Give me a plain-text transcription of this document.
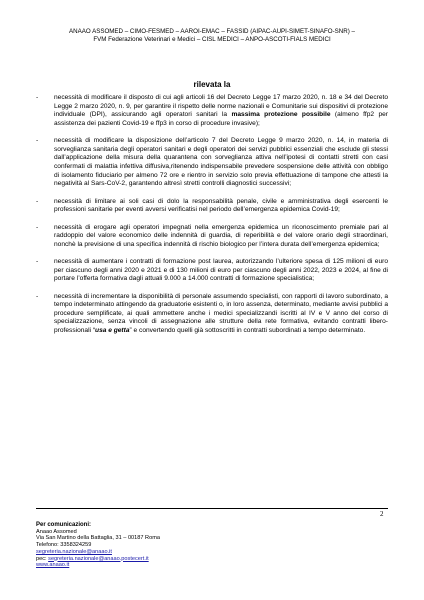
ANAAO ASSOMED – CIMO-FESMED – AAROI-EMAC – FASSID (AIPAC-AUPI-SIMET-SINAFO-SNR) –
FVM Federazione Veterinari e Medici – CISL MEDICI – ANPO-ASCOTI-FIALS MEDICI
rilevata la
- necessità di modificare il disposto di cui agli articoli 16 del Decreto Legge 17 marzo 2020, n. 18 e 34 del Decreto Legge 2 marzo 2020, n. 9, per garantire il rispetto delle norme nazionali e Comunitarie sui dispositivi di protezione individuale (DPI), assicurando agli operatori sanitari la massima protezione possibile (almeno ffp2 per assistenza dei pazienti Covid-19 e ffp3 in corso di procedure invasive);
- necessità di modificare la disposizione dell’articolo 7 del Decreto Legge 9 marzo 2020, n. 14, in materia di sorveglianza sanitaria degli operatori sanitari e degli operatori dei servizi pubblici essenziali che esclude gli stessi dall’applicazione della misura della quarantena con sorveglianza attiva nell’ipotesi di contatti stretti con casi confermati di malattia infettiva diffusiva,ritenendo indispensabile prevedere sospensione delle attività con obbligo di isolamento fiduciario per almeno 72 ore e rientro in servizio solo previa effettuazione di tampone che attesti la negatività al Sars-CoV-2, garantendo altresì stretti controlli diagnostici successivi;
- necessità di limitare ai soli casi di dolo la responsabilità penale, civile e amministrativa degli esercenti le professioni sanitarie per eventi avversi verificatisi nel periodo dell’emergenza epidemica Covid-19;
- necessità di erogare agli operatori impegnati nella emergenza epidemica un riconoscimento premiale pari al raddoppio del valore economico delle indennità di guardia, di reperibilità e del valore orario degli straordinari, nonchè la previsione di una specifica indennità di rischio biologico per l’intera durata dell’emergenza epidemica;
- necessità di aumentare i contratti di formazione post laurea, autorizzando l’ulteriore spesa di 125 milioni di euro per ciascuno degli anni 2020 e 2021 e di 130 milioni di euro per ciascuno degli anni 2022, 2023 e 2024, al fine di portare l’offerta formativa dagli attuali 9.000 a 14.000 contratti di formazione specialistica;
- necessità di incrementare la disponibilità di personale assumendo specialisti, con rapporti di lavoro subordinato, a tempo indeterminato attingendo da graduatorie esistenti o, in loro assenza, determinato, mediante avvisi pubblici a procedure semplificate, ai quali ammettere anche i medici specializzandi iscritti al IV e V anno del corso di specializzazione, senza vincoli di assegnazione alle strutture della rete formativa, evitando contratti libero- professionali “usa e getta” e convertendo quelli già sottoscritti in contratti subordinati a tempo determinato.
2
Per comunicazioni:
Anaao Assomed
Via San Martino della Battaglia, 31 – 00187 Roma
Telefono: 3358324259
segreteria.nazionale@anaao.it
pec: segreteria.nazionale@anaao.postecert.it
www.anaao.it
